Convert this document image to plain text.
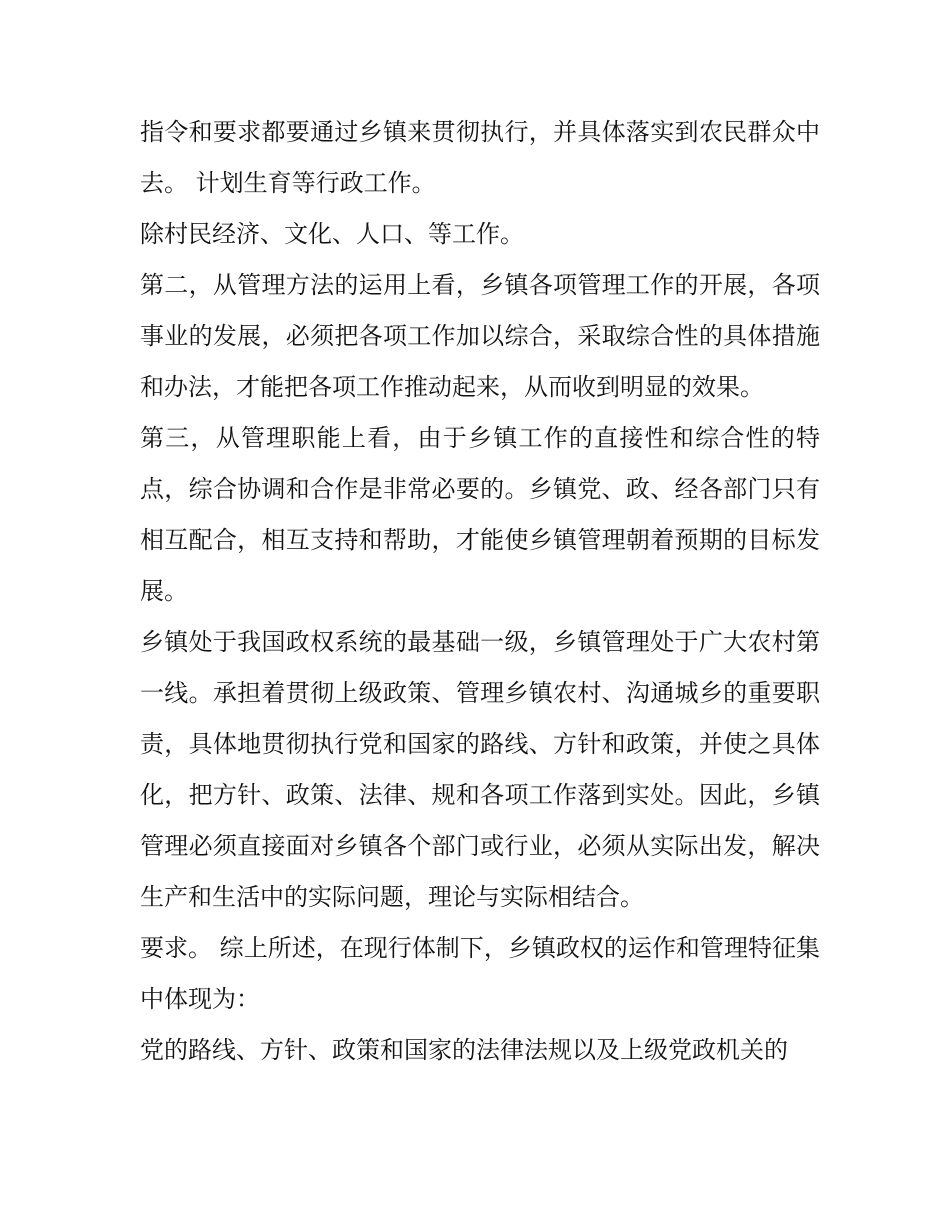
指令和要求都要通过乡镇来贯彻执行，并具体落实到农民群众中去。 计划生育等行政工作。

除村民经济、文化、人口、等工作。

第二，从管理方法的运用上看，乡镇各项管理工作的开展，各项事业的发展，必须把各项工作加以综合，采取综合性的具体措施和办法，才能把各项工作推动起来，从而收到明显的效果。

第三，从管理职能上看，由于乡镇工作的直接性和综合性的特点，综合协调和合作是非常必要的。乡镇党、政、经各部门只有相互配合，相互支持和帮助，才能使乡镇管理朝着预期的目标发展。

乡镇处于我国政权系统的最基础一级，乡镇管理处于广大农村第一线。承担着贯彻上级政策、管理乡镇农村、沟通城乡的重要职责，具体地贯彻执行党和国家的路线、方针和政策，并使之具体化，把方针、政策、法律、规和各项工作落到实处。因此，乡镇管理必须直接面对乡镇各个部门或行业，必须从实际出发，解决生产和生活中的实际问题，理论与实际相结合。

要求。 综上所述，在现行体制下，乡镇政权的运作和管理特征集中体现为：

党的路线、方针、政策和国家的法律法规以及上级党政机关的
